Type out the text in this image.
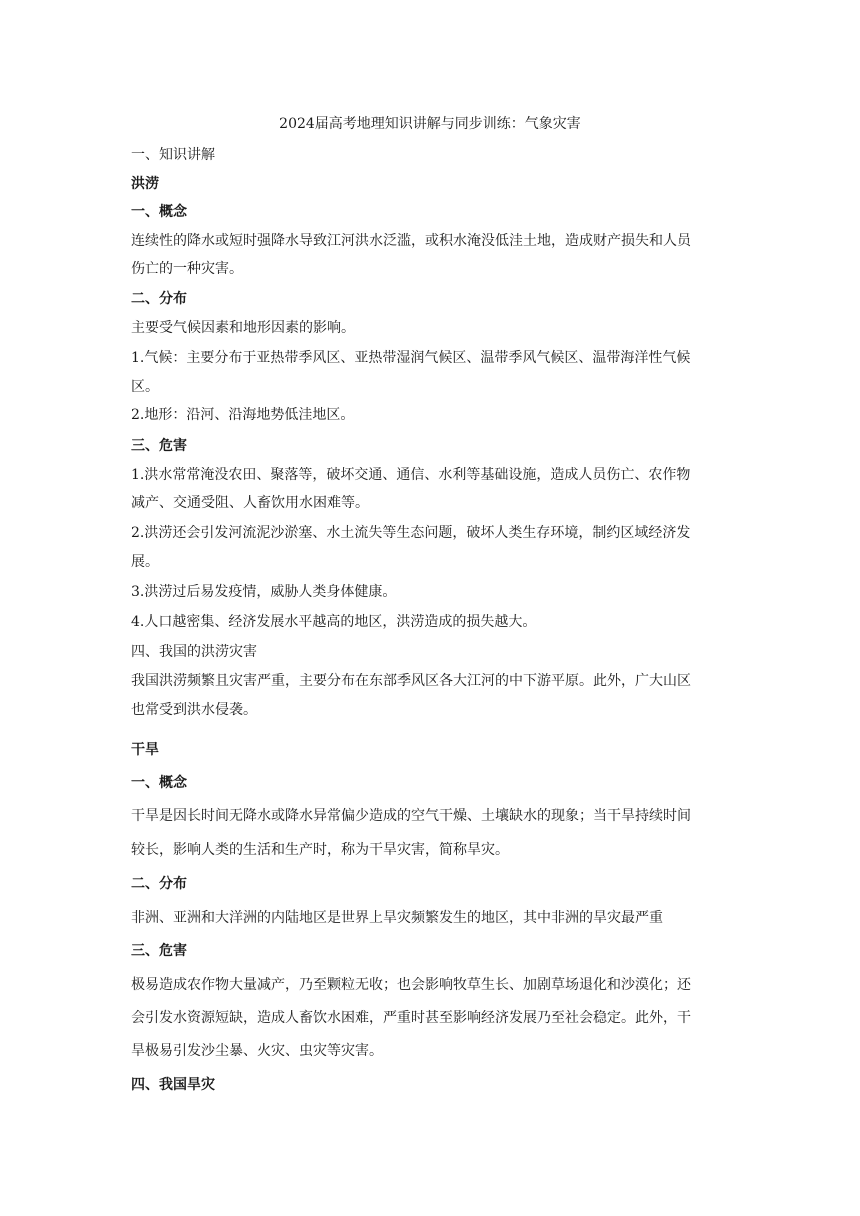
2024届高考地理知识讲解与同步训练：气象灾害
一、知识讲解
洪涝
一、概念
连续性的降水或短时强降水导致江河洪水泛滥，或积水淹没低洼土地，造成财产损失和人员
伤亡的一种灾害。
二、分布
主要受气候因素和地形因素的影响。
1.气候：主要分布于亚热带季风区、亚热带湿润气候区、温带季风气候区、温带海洋性气候
区。
2.地形：沿河、沿海地势低洼地区。
三、危害
1.洪水常常淹没农田、聚落等，破坏交通、通信、水利等基础设施，造成人员伤亡、农作物
减产、交通受阻、人畜饮用水困难等。
2.洪涝还会引发河流泥沙淤塞、水土流失等生态问题，破坏人类生存环境，制约区域经济发
展。
3.洪涝过后易发疫情，威胁人类身体健康。
4.人口越密集、经济发展水平越高的地区，洪涝造成的损失越大。
四、我国的洪涝灾害
我国洪涝频繁且灾害严重，主要分布在东部季风区各大江河的中下游平原。此外，广大山区
也常受到洪水侵袭。
干旱
一、概念
干旱是因长时间无降水或降水异常偏少造成的空气干燥、土壤缺水的现象；当干旱持续时间
较长，影响人类的生活和生产时，称为干旱灾害，简称旱灾。
二、分布
非洲、亚洲和大洋洲的内陆地区是世界上旱灾频繁发生的地区，其中非洲的旱灾最严重
三、危害
极易造成农作物大量减产，乃至颗粒无收；也会影响牧草生长、加剧草场退化和沙漠化；还
会引发水资源短缺，造成人畜饮水困难，严重时甚至影响经济发展乃至社会稳定。此外，干
旱极易引发沙尘暴、火灾、虫灾等灾害。
四、我国旱灾
